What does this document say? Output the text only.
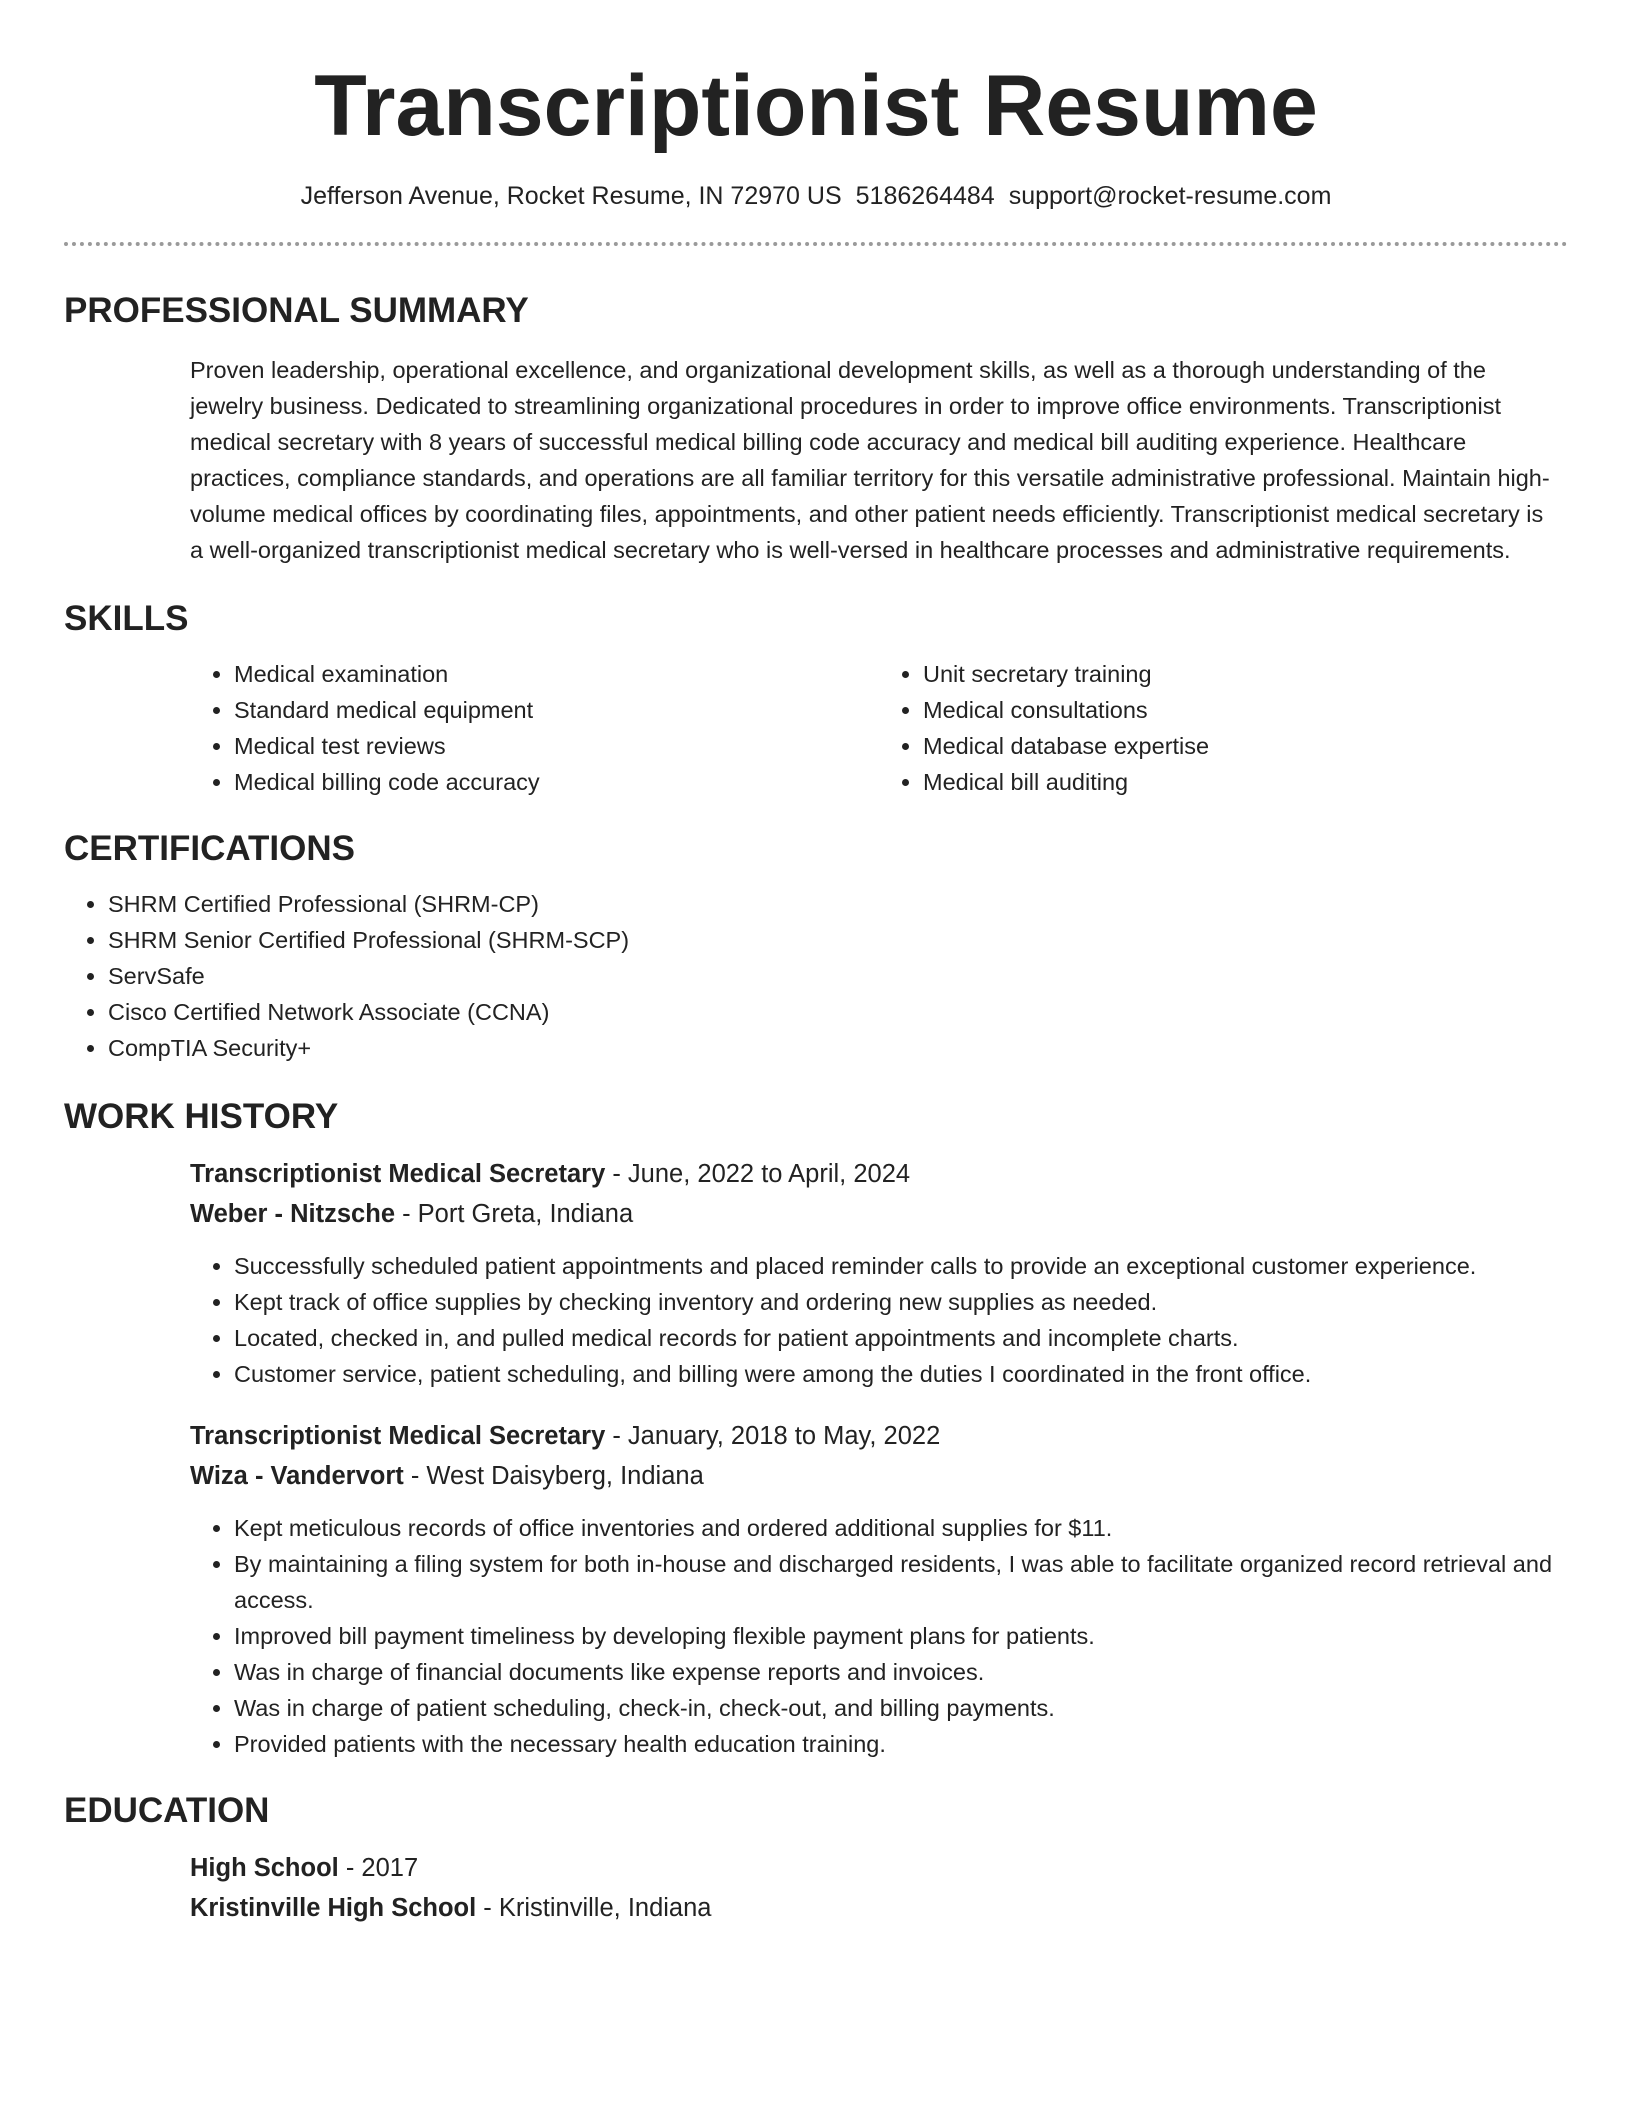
Transcriptionist Resume
Jefferson Avenue, Rocket Resume, IN 72970 US 5186264484 support@rocket-resume.com
PROFESSIONAL SUMMARY

Proven leadership, operational excellence, and organizational development skills, as well as a thorough understanding of the jewelry business. Dedicated to streamlining organizational procedures in order to improve office environments. Transcriptionist medical secretary with 8 years of successful medical billing code accuracy and medical bill auditing experience. Healthcare practices, compliance standards, and operations are all familiar territory for this versatile administrative professional. Maintain high-volume medical offices by coordinating files, appointments, and other patient needs efficiently. Transcriptionist medical secretary is a well-organized transcriptionist medical secretary who is well-versed in healthcare processes and administrative requirements.

SKILLS
• Medical examination
• Standard medical equipment
• Medical test reviews
• Medical billing code accuracy
• Unit secretary training
• Medical consultations
• Medical database expertise
• Medical bill auditing
CERTIFICATIONS
• SHRM Certified Professional (SHRM-CP)
• SHRM Senior Certified Professional (SHRM-SCP)
• ServSafe
• Cisco Certified Network Associate (CCNA)
• CompTIA Security+
WORK HISTORY
Transcriptionist Medical Secretary - June, 2022 to April, 2024
Weber - Nitzsche - Port Greta, Indiana
• Successfully scheduled patient appointments and placed reminder calls to provide an exceptional customer experience.
• Kept track of office supplies by checking inventory and ordering new supplies as needed.
• Located, checked in, and pulled medical records for patient appointments and incomplete charts.
• Customer service, patient scheduling, and billing were among the duties I coordinated in the front office.
Transcriptionist Medical Secretary - January, 2018 to May, 2022
Wiza - Vandervort - West Daisyberg, Indiana
• Kept meticulous records of office inventories and ordered additional supplies for $11.
• By maintaining a filing system for both in-house and discharged residents, I was able to facilitate organized record retrieval and access.
• Improved bill payment timeliness by developing flexible payment plans for patients.
• Was in charge of financial documents like expense reports and invoices.
• Was in charge of patient scheduling, check-in, check-out, and billing payments.
• Provided patients with the necessary health education training.
EDUCATION
High School - 2017
Kristinville High School - Kristinville, Indiana
